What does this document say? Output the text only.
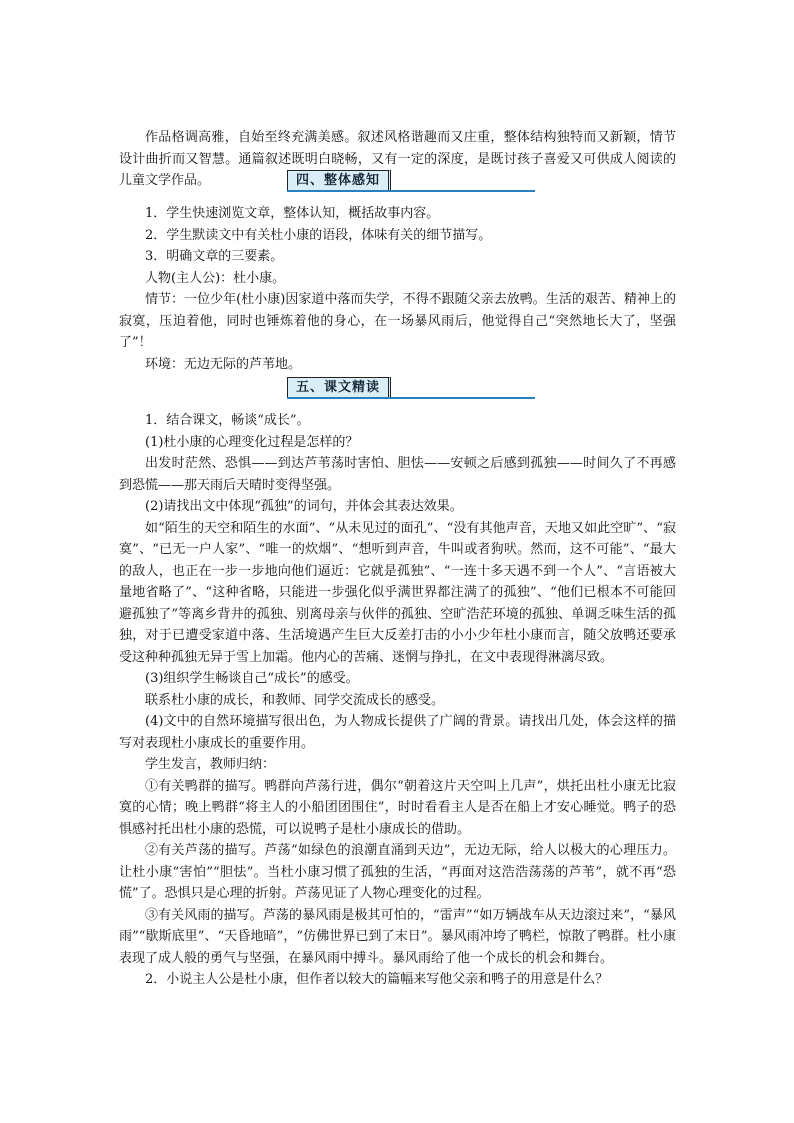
作品格调高雅，自始至终充满美感。叙述风格谐趣而又庄重，整体结构独特而又新颖，情节设计曲折而又智慧。通篇叙述既明白晓畅，又有一定的深度，是既讨孩子喜爱又可供成人阅读的儿童文学作品。	四、整体感知

1．学生快速浏览文章，整体认知，概括故事内容。

2．学生默读文中有关杜小康的语段，体味有关的细节描写。

3．明确文章的三要素。

人物(主人公)：杜小康。

情节：一位少年(杜小康)因家道中落而失学，不得不跟随父亲去放鸭。生活的艰苦、精神上的寂寞，压迫着他，同时也锤炼着他的身心，在一场暴风雨后，他觉得自己“突然地长大了，坚强了”！

环境：无边无际的芦苇地。

五、课文精读

1．结合课文，畅谈“成长”。

(1)杜小康的心理变化过程是怎样的？

出发时茫然、恐惧——到达芦苇荡时害怕、胆怯——安顿之后感到孤独——时间久了不再感到恐慌——那天雨后天晴时变得坚强。

(2)请找出文中体现“孤独”的词句，并体会其表达效果。

如“陌生的天空和陌生的水面”、“从未见过的面孔”、“没有其他声音，天地又如此空旷”、“寂寞”、“已无一户人家”、“唯一的炊烟”、“想听到声音，牛叫或者狗吠。然而，这不可能”、“最大的敌人，也正在一步一步地向他们逼近：它就是孤独”、“一连十多天遇不到一个人”、“言语被大量地省略了”、“这种省略，只能进一步强化似乎满世界都注满了的孤独”、“他们已根本不可能回避孤独了”等离乡背井的孤独、别离母亲与伙伴的孤独、空旷浩茫环境的孤独、单调乏味生活的孤独，对于已遭受家道中落、生活境遇产生巨大反差打击的小小少年杜小康而言，随父放鸭还要承受这种种孤独无异于雪上加霜。他内心的苦痛、迷惘与挣扎，在文中表现得淋漓尽致。

(3)组织学生畅谈自己“成长”的感受。

联系杜小康的成长，和教师、同学交流成长的感受。

(4)文中的自然环境描写很出色，为人物成长提供了广阔的背景。请找出几处，体会这样的描写对表现杜小康成长的重要作用。

学生发言，教师归纳：

①有关鸭群的描写。鸭群向芦荡行进，偶尔“朝着这片天空叫上几声”，烘托出杜小康无比寂寞的心情；晚上鸭群“将主人的小船团团围住”，时时看看主人是否在船上才安心睡觉。鸭子的恐惧感衬托出杜小康的恐慌，可以说鸭子是杜小康成长的借助。

②有关芦荡的描写。芦荡“如绿色的浪潮直涌到天边”，无边无际，给人以极大的心理压力。让杜小康“害怕”“胆怯”。当杜小康习惯了孤独的生活，“再面对这浩浩荡荡的芦苇”，就不再“恐慌”了。恐惧只是心理的折射。芦荡见证了人物心理变化的过程。

③有关风雨的描写。芦荡的暴风雨是极其可怕的，“雷声”“如万辆战车从天边滚过来”，“暴风雨”“歇斯底里”、“天昏地暗”，“仿佛世界已到了末日”。暴风雨冲垮了鸭栏，惊散了鸭群。杜小康表现了成人般的勇气与坚强，在暴风雨中搏斗。暴风雨给了他一个成长的机会和舞台。

2．小说主人公是杜小康，但作者以较大的篇幅来写他父亲和鸭子的用意是什么？
